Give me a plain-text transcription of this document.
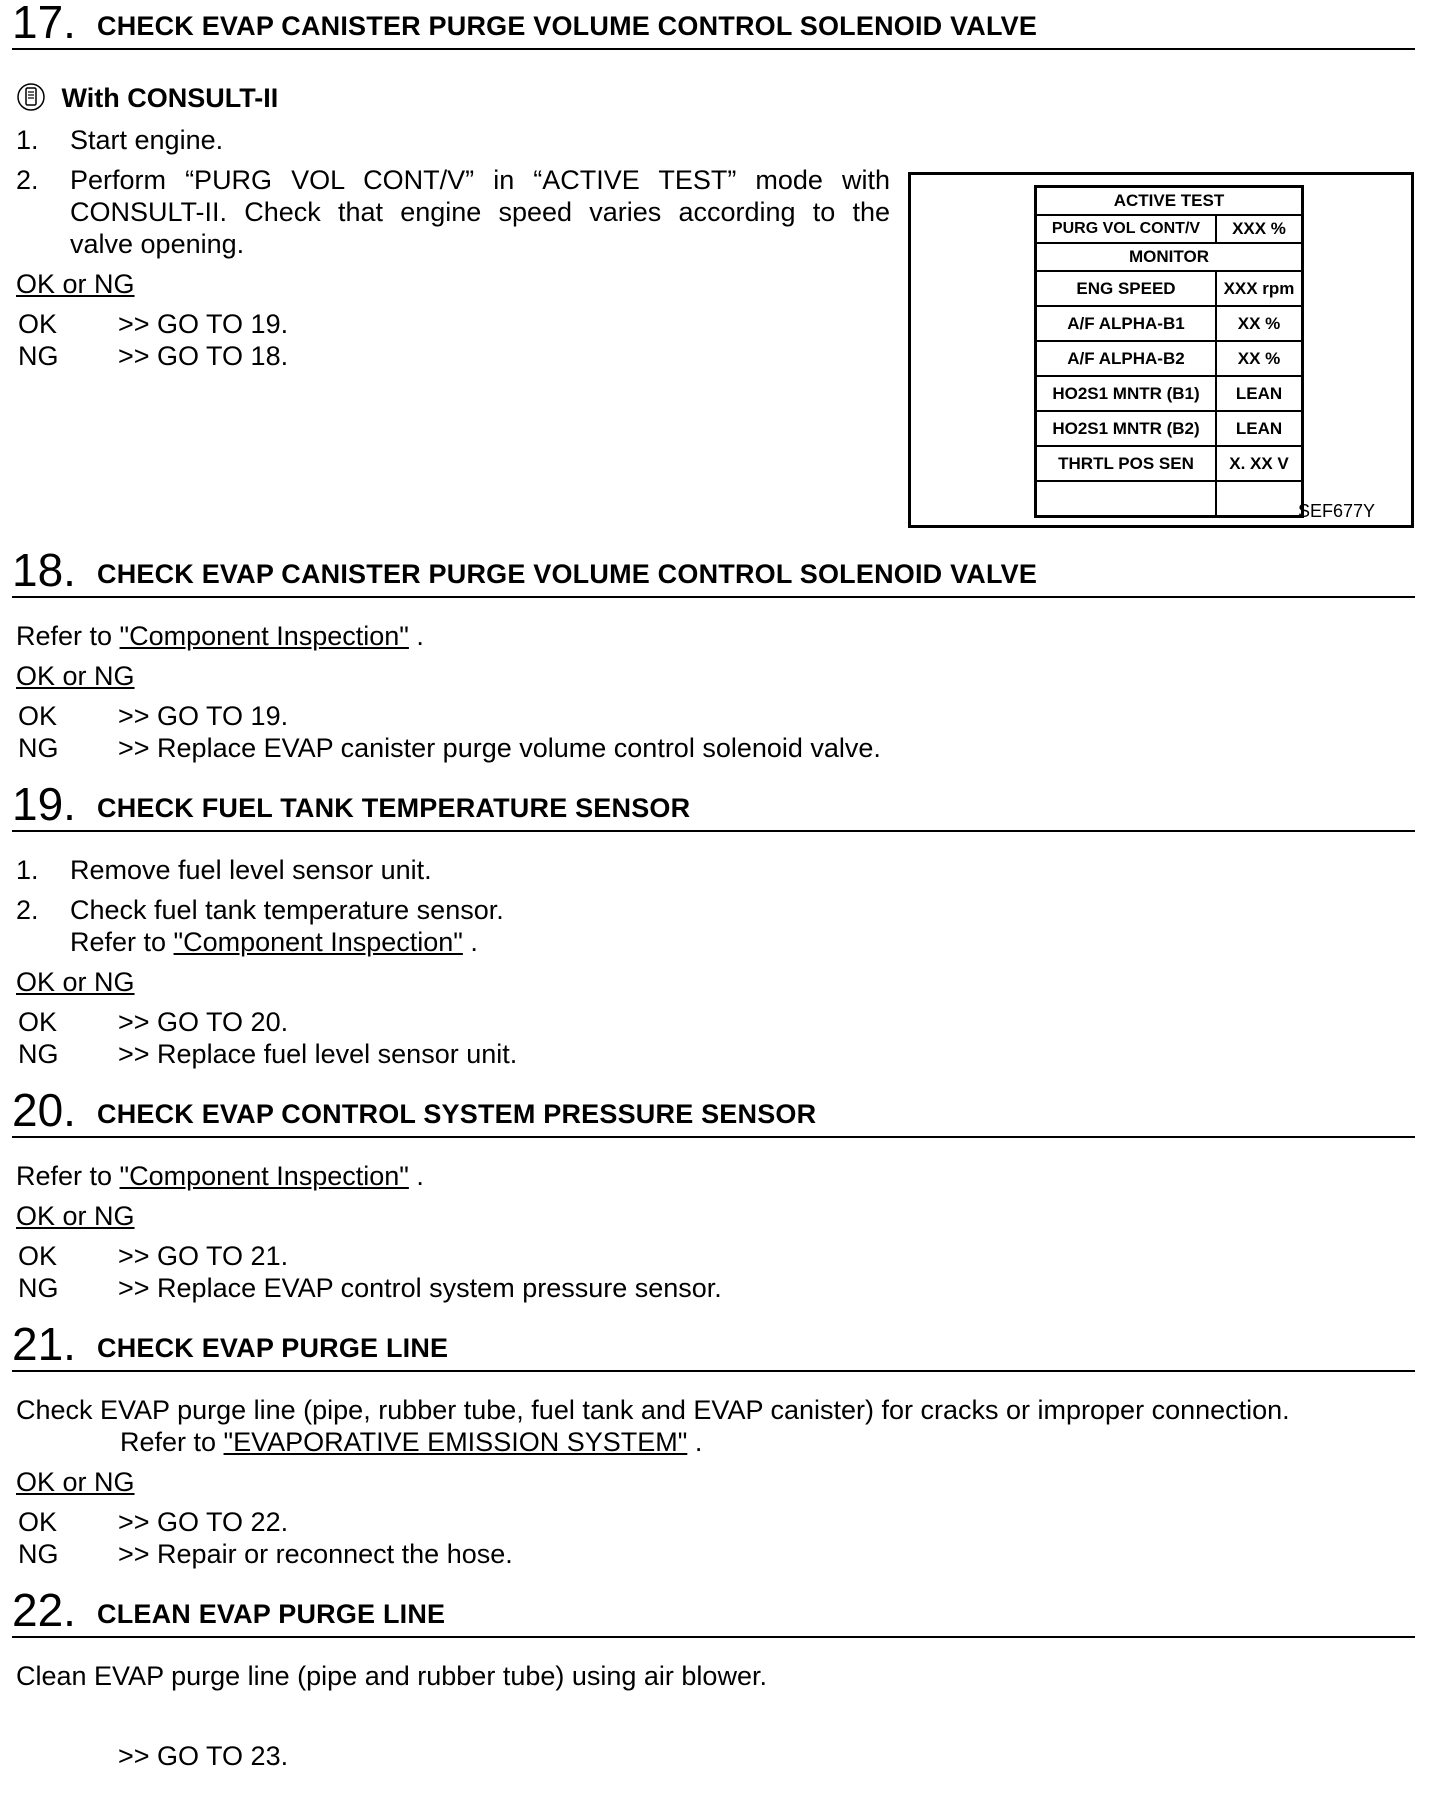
17. CHECK EVAP CANISTER PURGE VOLUME CONTROL SOLENOID VALVE
With CONSULT-II
1. Start engine.
2. Perform “PURG VOL CONT/V” in “ACTIVE TEST” mode with
CONSULT-II. Check that engine speed varies according to the
valve opening.
OK or NG
OK >> GO TO 19.
NG >> GO TO 18.
ACTIVE TEST	
PURG VOL CONT/V	XXX %
MONITOR	
ENG SPEED	XXX rpm
A/F ALPHA-B1	XX %
A/F ALPHA-B2	XX %
HO2S1 MNTR (B1)	LEAN
HO2S1 MNTR (B2)	LEAN
THRTL POS SEN	X. XX V

SEF677Y
18. CHECK EVAP CANISTER PURGE VOLUME CONTROL SOLENOID VALVE
Refer to "Component Inspection" .
OK or NG
OK >> GO TO 19.
NG >> Replace EVAP canister purge volume control solenoid valve.
19. CHECK FUEL TANK TEMPERATURE SENSOR
1. Remove fuel level sensor unit.
2. Check fuel tank temperature sensor.
Refer to "Component Inspection" .
OK or NG
OK >> GO TO 20.
NG >> Replace fuel level sensor unit.
20. CHECK EVAP CONTROL SYSTEM PRESSURE SENSOR
Refer to "Component Inspection" .
OK or NG
OK >> GO TO 21.
NG >> Replace EVAP control system pressure sensor.
21. CHECK EVAP PURGE LINE
Check EVAP purge line (pipe, rubber tube, fuel tank and EVAP canister) for cracks or improper connection.
Refer to "EVAPORATIVE EMISSION SYSTEM" .
OK or NG
OK >> GO TO 22.
NG >> Repair or reconnect the hose.
22. CLEAN EVAP PURGE LINE
Clean EVAP purge line (pipe and rubber tube) using air blower.
>> GO TO 23.
